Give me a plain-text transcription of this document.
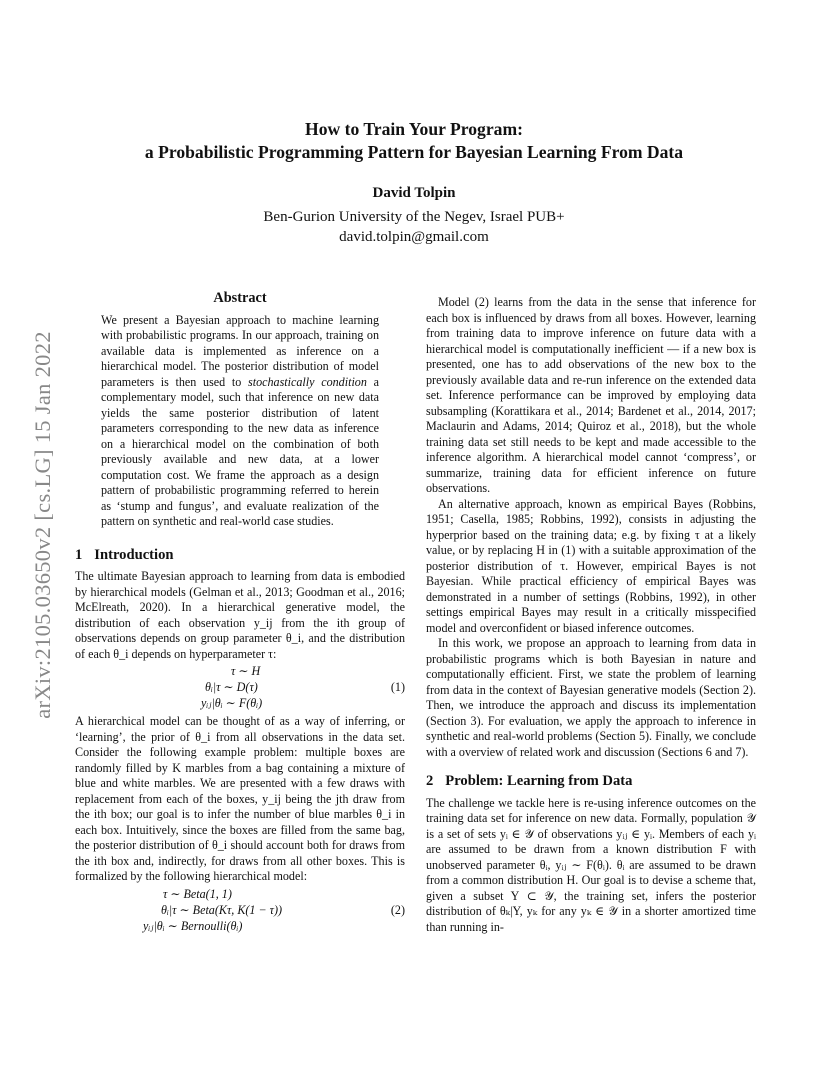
arXiv:2105.03650v2 [cs.LG] 15 Jan 2022
How to Train Your Program:
a Probabilistic Programming Pattern for Bayesian Learning From Data
David Tolpin
Ben-Gurion University of the Negev, Israel PUB+
david.tolpin@gmail.com
Abstract

We present a Bayesian approach to machine learning with probabilistic programs. In our approach, training on available data is implemented as inference on a hierarchical model. The posterior distribution of model parameters is then used to stochastically condition a complementary model, such that inference on new data yields the same posterior distribution of latent parameters corresponding to the new data as inference on a hierarchical model on the combination of both previously available and new data, at a lower computation cost. We frame the approach as a design pattern of probabilistic programming referred to herein as ‘stump and fungus’, and evaluate realization of the pattern on synthetic and real-world case studies.

1 Introduction

The ultimate Bayesian approach to learning from data is embodied by hierarchical models (Gelman et al., 2013; Goodman et al., 2016; McElreath, 2020). In a hierarchical generative model, the distribution of each observation y_ij from the ith group of observations depends on group parameter θ_i, and the distribution of each θ_i depends on hyperparameter τ:

τ ∼ H
θᵢ|τ ∼ D(τ)	(1)
yᵢⱼ|θᵢ ∼ F(θᵢ)

A hierarchical model can be thought of as a way of inferring, or ‘learning’, the prior of θ_i from all observations in the data set. Consider the following example problem: multiple boxes are randomly filled by K marbles from a bag containing a mixture of blue and white marbles. We are presented with a few draws with replacement from each of the boxes, y_ij being the jth draw from the ith box; our goal is to infer the number of blue marbles θ_i in each box. Intuitively, since the boxes are filled from the same bag, the posterior distribution of θ_i should account both for draws from the ith box and, indirectly, for draws from all other boxes. This is formalized by the following hierarchical model:

τ ∼ Beta(1, 1)
θᵢ|τ ∼ Beta(Kτ, K(1 − τ))	(2)
yᵢⱼ|θᵢ ∼ Bernoulli(θᵢ)

Model (2) learns from the data in the sense that inference for each box is influenced by draws from all boxes. However, learning from training data to improve inference on future data with a hierarchical model is computationally inefficient — if a new box is presented, one has to add observations of the new box to the previously available data and re-run inference on the extended data set. Inference performance can be improved by employing data subsampling (Korattikara et al., 2014; Bardenet et al., 2014, 2017; Maclaurin and Adams, 2014; Quiroz et al., 2018), but the whole training data set still needs to be kept and made accessible to the inference algorithm. A hierarchical model cannot ‘compress’, or summarize, training data for efficient inference on future observations.

An alternative approach, known as empirical Bayes (Robbins, 1951; Casella, 1985; Robbins, 1992), consists in adjusting the hyperprior based on the training data; e.g. by fixing τ at a likely value, or by replacing H in (1) with a suitable approximation of the posterior distribution of τ. However, empirical Bayes is not Bayesian. While practical efficiency of empirical Bayes was demonstrated in a number of settings (Robbins, 1992), in other settings empirical Bayes may result in a critically misspecified model and overconfident or biased inference outcomes.

In this work, we propose an approach to learning from data in probabilistic programs which is both Bayesian in nature and computationally efficient. First, we state the problem of learning from data in the context of Bayesian generative models (Section 2). Then, we introduce the approach and discuss its implementation (Section 3). For evaluation, we apply the approach to inference in synthetic and real-world problems (Section 5). Finally, we conclude with a overview of related work and discussion (Sections 6 and 7).

2 Problem: Learning from Data

The challenge we tackle here is re-using inference outcomes on the training data set for inference on new data. Formally, population 𝒴 is a set of sets yᵢ ∈ 𝒴 of observations yᵢⱼ ∈ yᵢ. Members of each yᵢ are assumed to be drawn from a known distribution F with unobserved parameter θᵢ, yᵢⱼ ∼ F(θᵢ). θᵢ are assumed to be drawn from a common distribution H. Our goal is to devise a scheme that, given a subset Y ⊂ 𝒴, the training set, infers the posterior distribution of θₖ|Y, yₖ for any yₖ ∈ 𝒴 in a shorter amortized time than running in-
